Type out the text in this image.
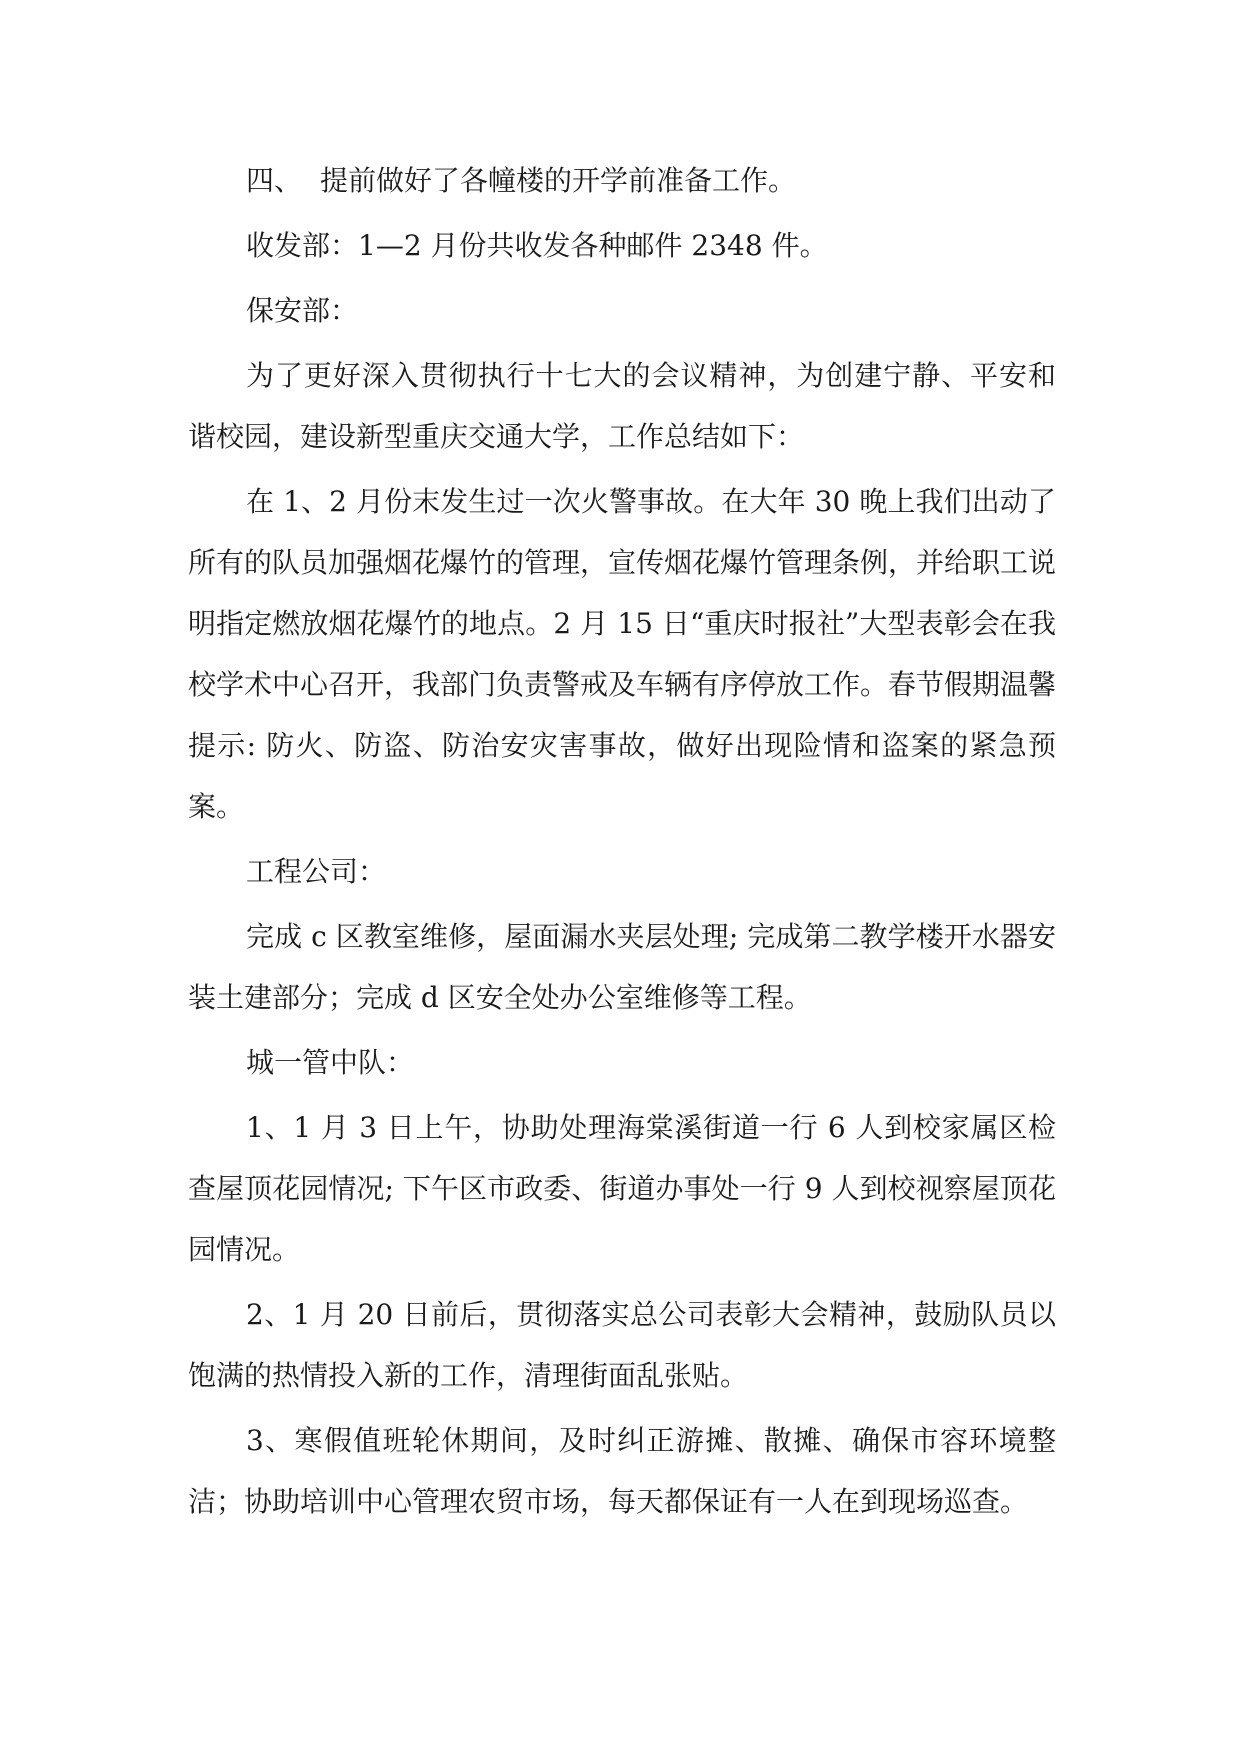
四、 提前做好了各幢楼的开学前准备工作。

收发部：1—2 月份共收发各种邮件 2348 件。

保安部：

为了更好深入贯彻执行十七大的会议精神，为创建宁静、平安和谐校园，建设新型重庆交通大学，工作总结如下：

在 1、2 月份末发生过一次火警事故。在大年 30 晚上我们出动了所有的队员加强烟花爆竹的管理，宣传烟花爆竹管理条例，并给职工说明指定燃放烟花爆竹的地点。2 月 15 日“重庆时报社”大型表彰会在我校学术中心召开，我部门负责警戒及车辆有序停放工作。春节假期温馨提示: 防火、防盗、防治安灾害事故，做好出现险情和盗案的紧急预案。

工程公司：

完成 c 区教室维修，屋面漏水夹层处理; 完成第二教学楼开水器安装土建部分；完成 d 区安全处办公室维修等工程。

城一管中队：

1、1 月 3 日上午，协助处理海棠溪街道一行 6 人到校家属区检查屋顶花园情况; 下午区市政委、街道办事处一行 9 人到校视察屋顶花园情况。

2、1 月 20 日前后，贯彻落实总公司表彰大会精神，鼓励队员以饱满的热情投入新的工作，清理街面乱张贴。

3、寒假值班轮休期间，及时纠正游摊、散摊、确保市容环境整洁；协助培训中心管理农贸市场，每天都保证有一人在到现场巡查。
